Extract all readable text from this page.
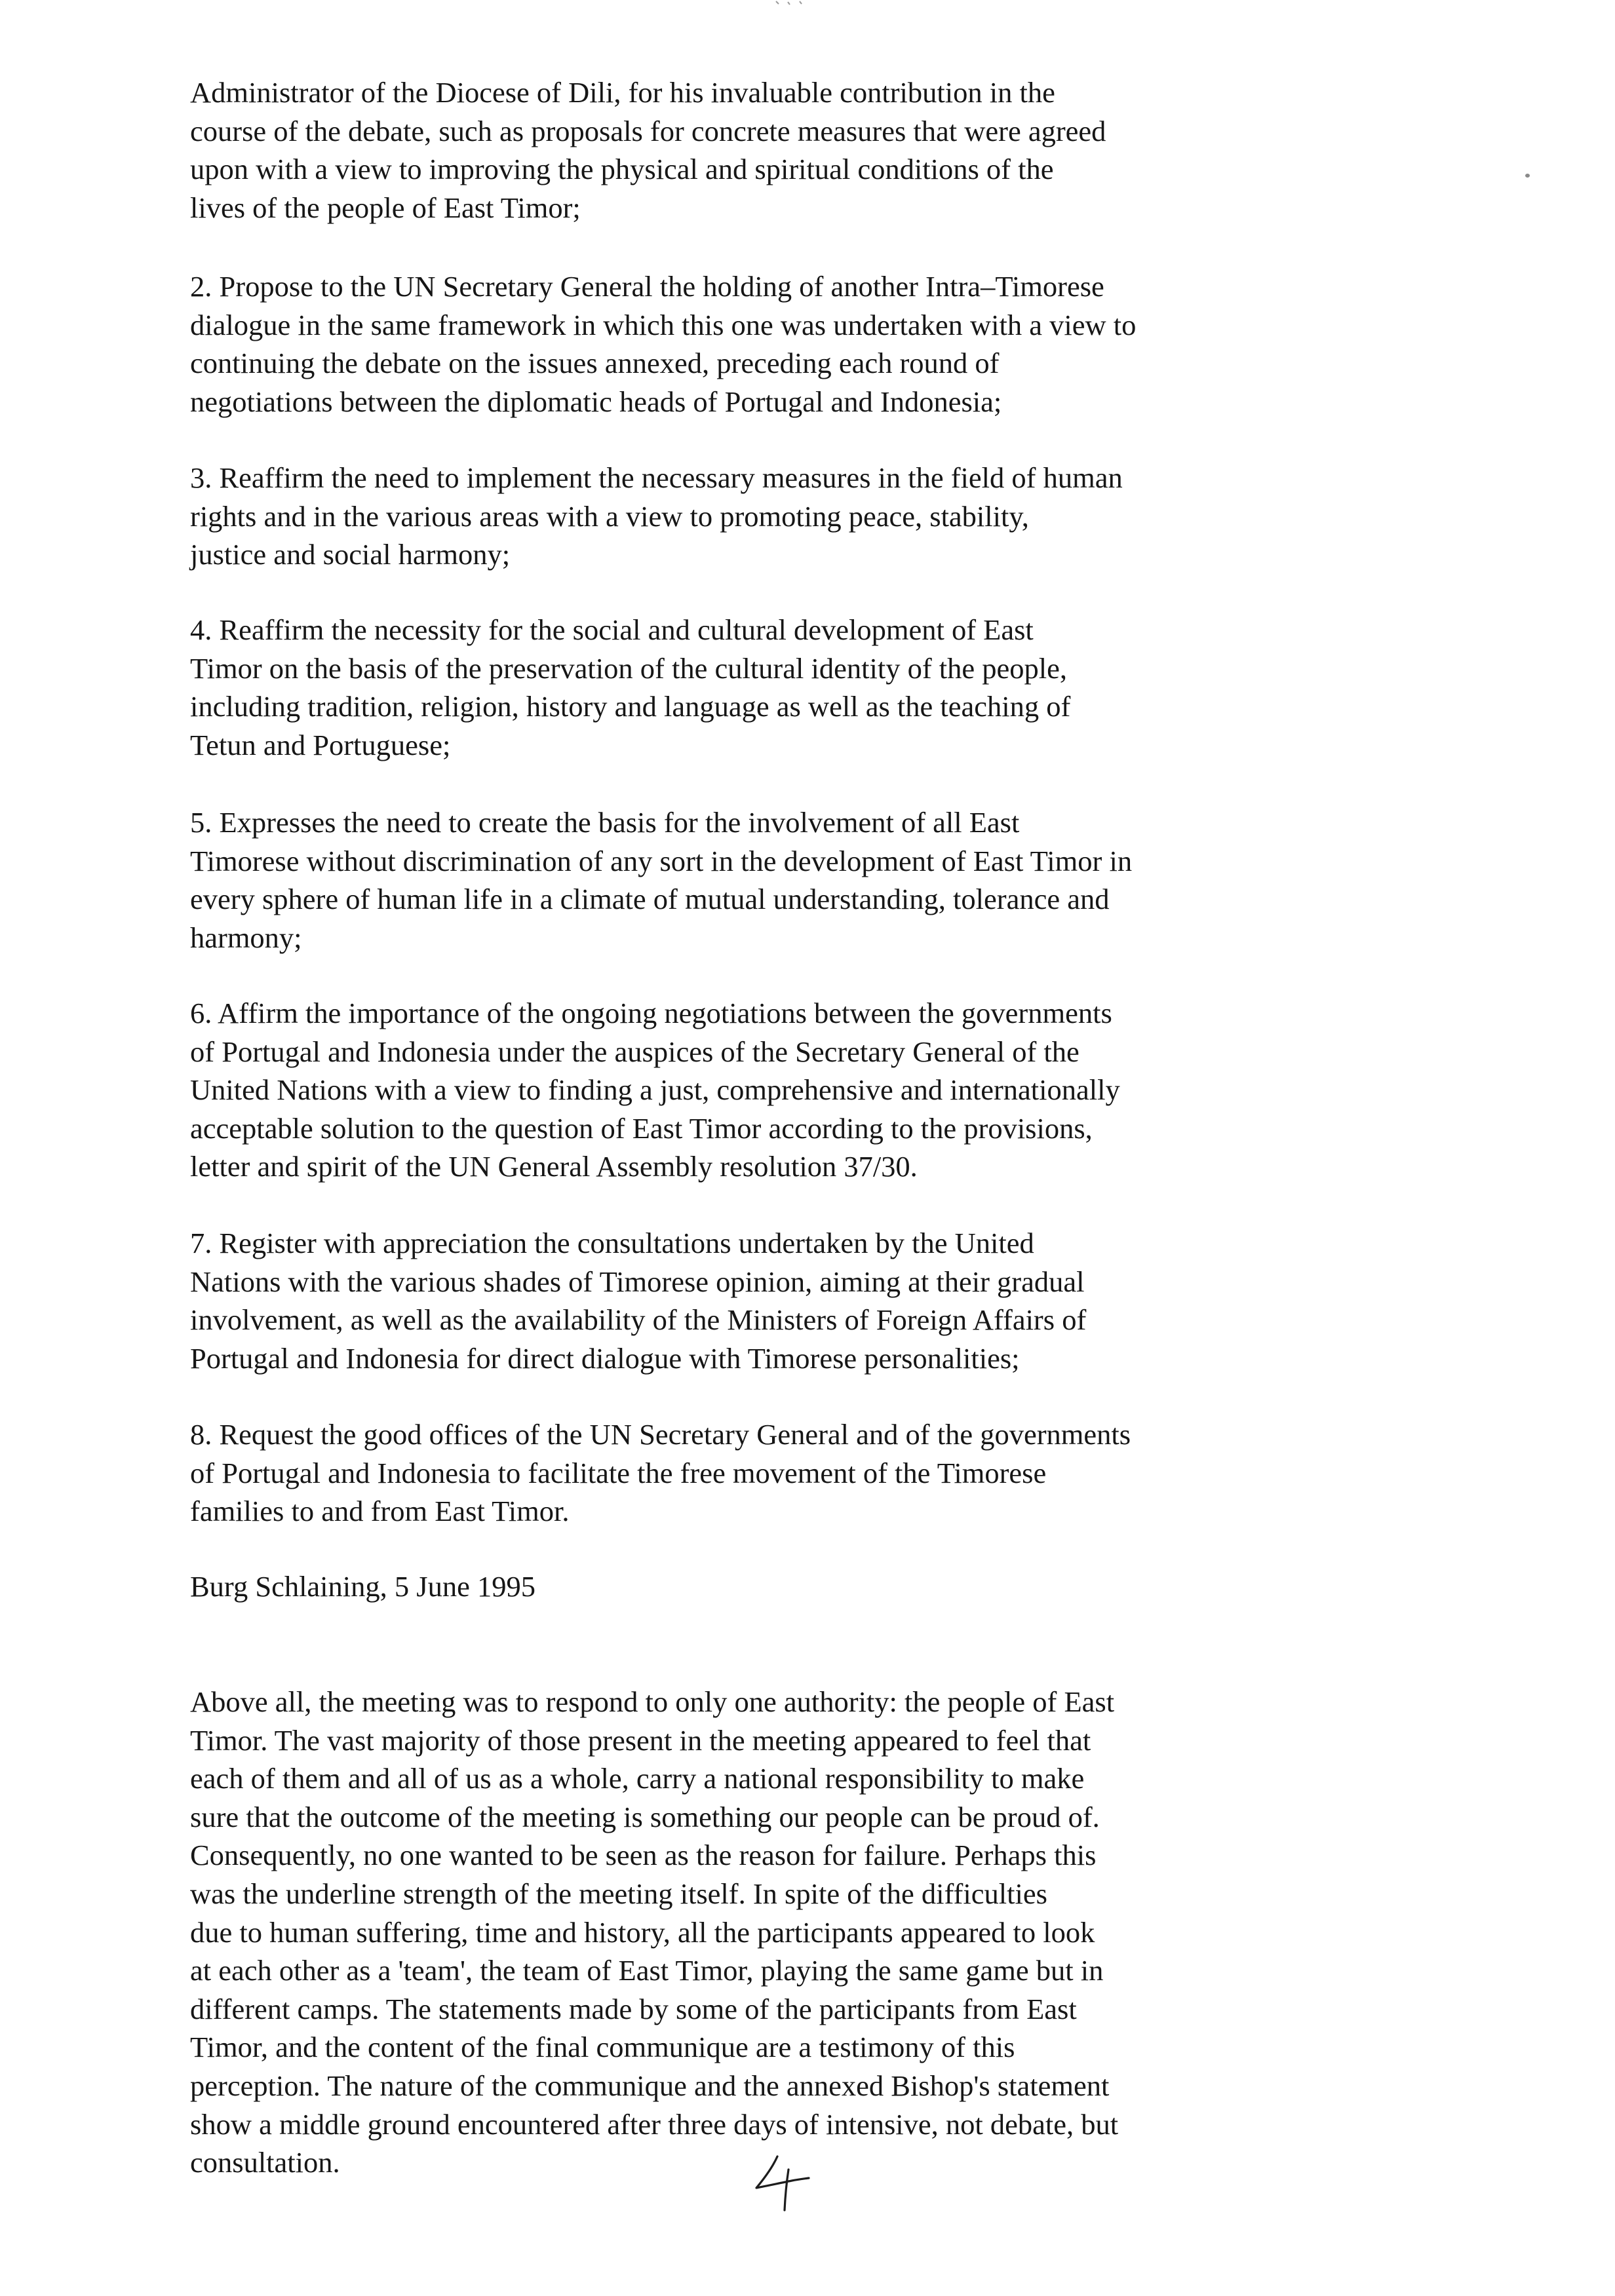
Administrator of the Diocese of Dili, for his invaluable contribution in the
course of the debate, such as proposals for concrete measures that were agreed
upon with a view to improving the physical and spiritual conditions of the
lives of the people of East Timor;
2. Propose to the UN Secretary General the holding of another Intra–Timorese
dialogue in the same framework in which this one was undertaken with a view to
continuing the debate on the issues annexed, preceding each round of
negotiations between the diplomatic heads of Portugal and Indonesia;
3. Reaffirm the need to implement the necessary measures in the field of human
rights and in the various areas with a view to promoting peace, stability,
justice and social harmony;
4. Reaffirm the necessity for the social and cultural development of East
Timor on the basis of the preservation of the cultural identity of the people,
including tradition, religion, history and language as well as the teaching of
Tetun and Portuguese;
5. Expresses the need to create the basis for the involvement of all East
Timorese without discrimination of any sort in the development of East Timor in
every sphere of human life in a climate of mutual understanding, tolerance and
harmony;
6. Affirm the importance of the ongoing negotiations between the governments
of Portugal and Indonesia under the auspices of the Secretary General of the
United Nations with a view to finding a just, comprehensive and internationally
acceptable solution to the question of East Timor according to the provisions,
letter and spirit of the UN General Assembly resolution 37/30.
7. Register with appreciation the consultations undertaken by the United
Nations with the various shades of Timorese opinion, aiming at their gradual
involvement, as well as the availability of the Ministers of Foreign Affairs of
Portugal and Indonesia for direct dialogue with Timorese personalities;
8. Request the good offices of the UN Secretary General and of the governments
of Portugal and Indonesia to facilitate the free movement of the Timorese
families to and from East Timor.
Burg Schlaining, 5 June 1995
Above all, the meeting was to respond to only one authority: the people of East
Timor. The vast majority of those present in the meeting appeared to feel that
each of them and all of us as a whole, carry a national responsibility to make
sure that the outcome of the meeting is something our people can be proud of.
Consequently, no one wanted to be seen as the reason for failure. Perhaps this
was the underline strength of the meeting itself. In spite of the difficulties
due to human suffering, time and history, all the participants appeared to look
at each other as a 'team', the team of East Timor, playing the same game but in
different camps. The statements made by some of the participants from East
Timor, and the content of the final communique are a testimony of this
perception. The nature of the communique and the annexed Bishop's statement
show a middle ground encountered after three days of intensive, not debate, but
consultation.
